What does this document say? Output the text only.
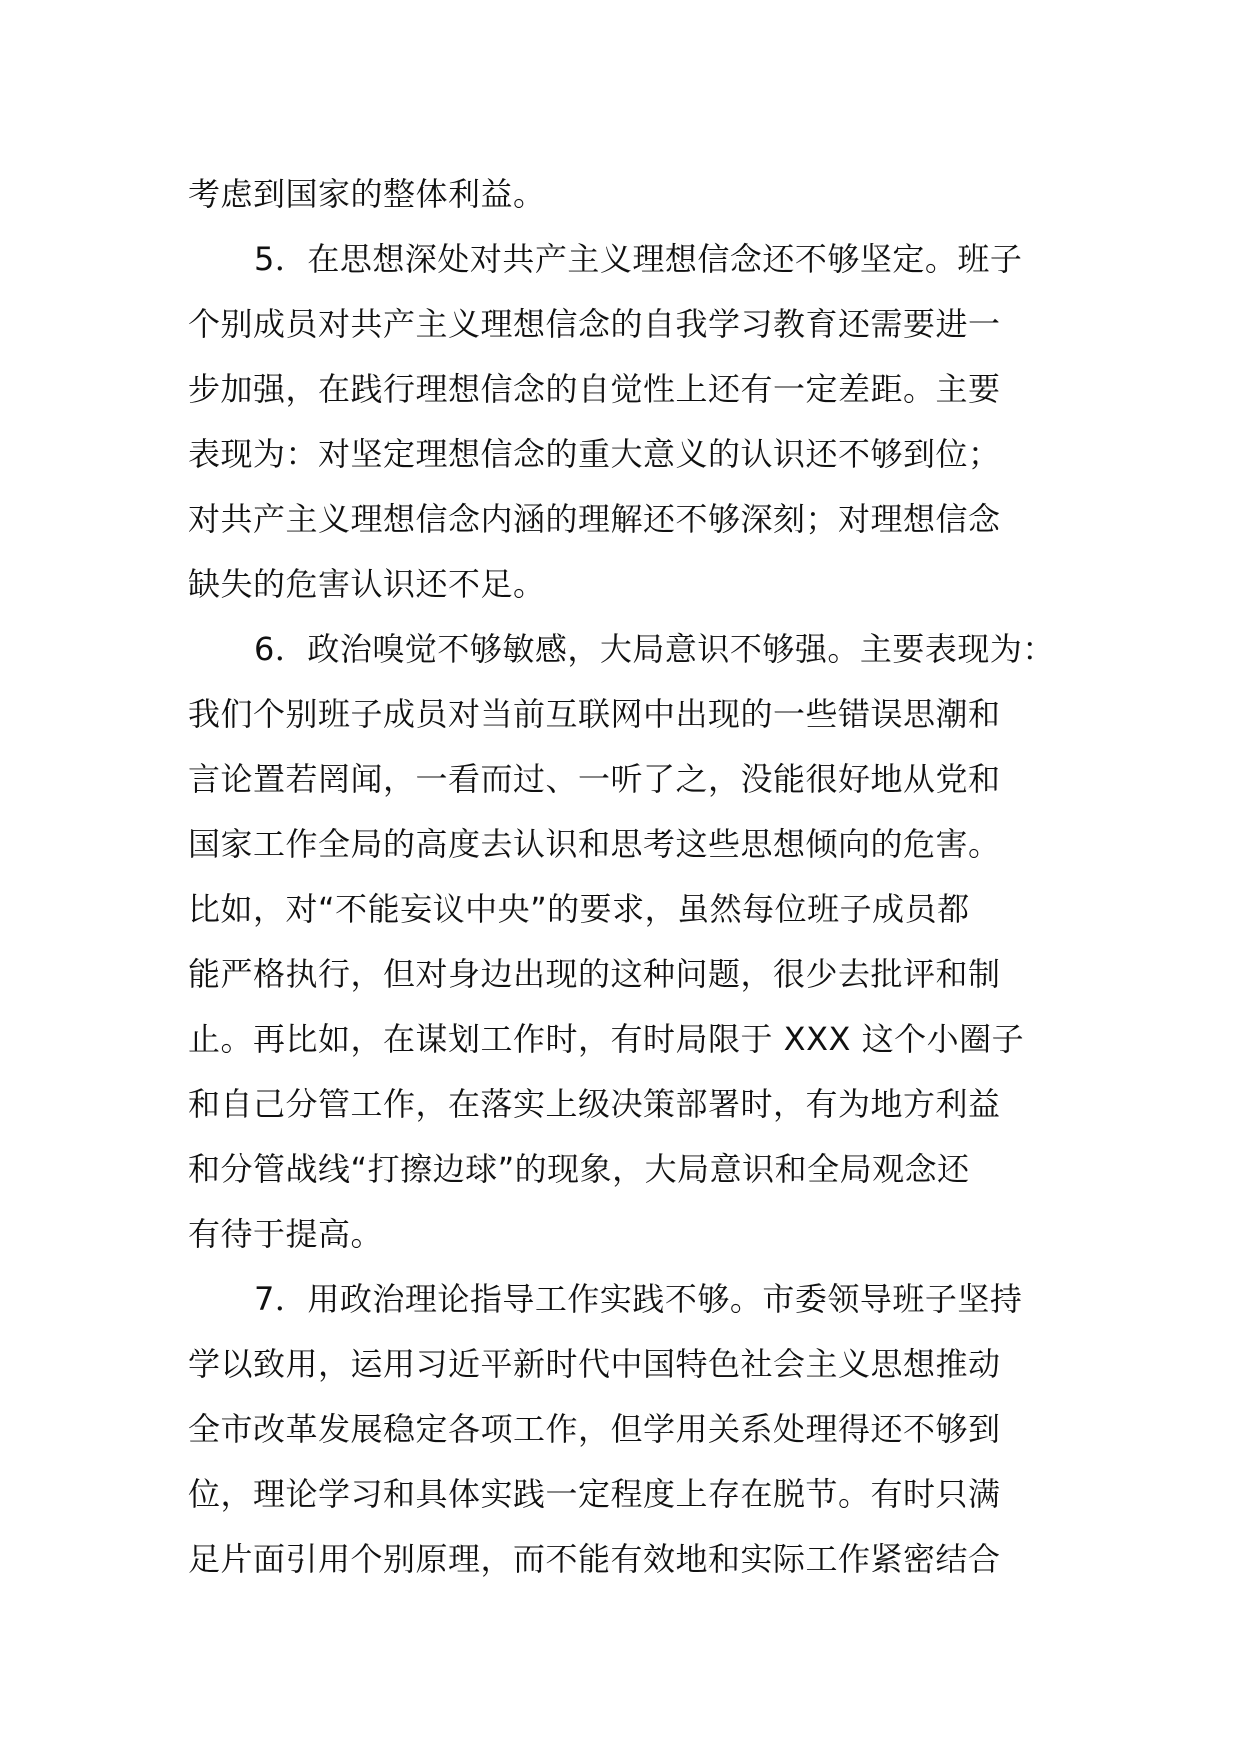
考虑到国家的整体利益。
5．在思想深处对共产主义理想信念还不够坚定。班子
个别成员对共产主义理想信念的自我学习教育还需要进一
步加强，在践行理想信念的自觉性上还有一定差距。主要
表现为：对坚定理想信念的重大意义的认识还不够到位；
对共产主义理想信念内涵的理解还不够深刻；对理想信念
缺失的危害认识还不足。
6．政治嗅觉不够敏感，大局意识不够强。主要表现为：
我们个别班子成员对当前互联网中出现的一些错误思潮和
言论置若罔闻，一看而过、一听了之，没能很好地从党和
国家工作全局的高度去认识和思考这些思想倾向的危害。
比如，对“不能妄议中央”的要求，虽然每位班子成员都
能严格执行，但对身边出现的这种问题，很少去批评和制
止。再比如，在谋划工作时，有时局限于 XXX 这个小圈子
和自己分管工作，在落实上级决策部署时，有为地方利益
和分管战线“打擦边球”的现象，大局意识和全局观念还
有待于提高。
7．用政治理论指导工作实践不够。市委领导班子坚持
学以致用，运用习近平新时代中国特色社会主义思想推动
全市改革发展稳定各项工作，但学用关系处理得还不够到
位，理论学习和具体实践一定程度上存在脱节。有时只满
足片面引用个别原理，而不能有效地和实际工作紧密结合
